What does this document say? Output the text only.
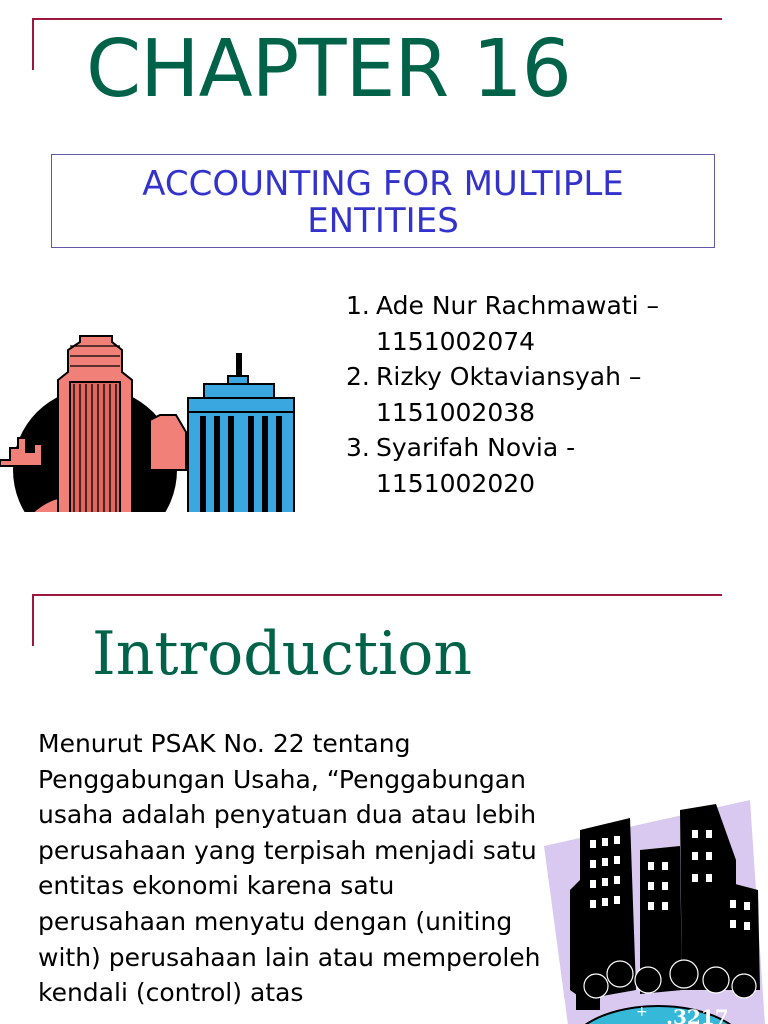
CHAPTER 16
ACCOUNTING FOR MULTIPLE
ENTITIES
1. Ade Nur Rachmawati –
1151002074
2. Rizky Oktaviansyah –
1151002038
3. Syarifah Novia -
1151002020
Introduction

Menurut PSAK No. 22 tentang Penggabungan Usaha, “Penggabungan usaha adalah penyatuan dua atau lebih perusahaan yang terpisah menjadi satu entitas ekonomi karena satu perusahaan menyatu dengan (uniting with) perusahaan lain atau memperoleh kendali (control) atas

.3217
+
